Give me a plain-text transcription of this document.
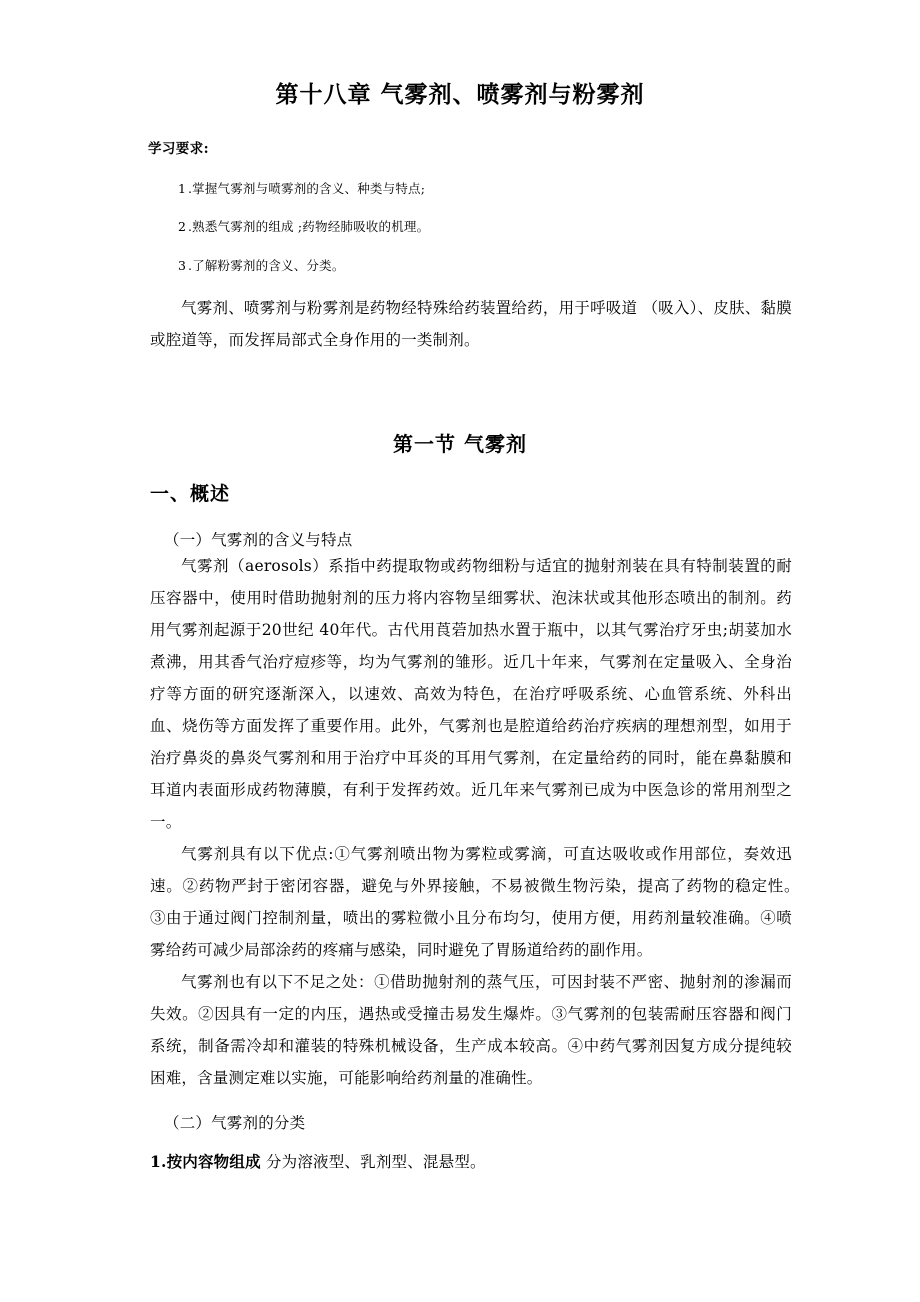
第十八章 气雾剂、喷雾剂与粉雾剂

学习要求:

1.掌握气雾剂与喷雾剂的含义、种类与特点;
2.熟悉气雾剂的组成 ;药物经肺吸收的机理。
3.了解粉雾剂的含义、分类。

气雾剂、喷雾剂与粉雾剂是药物经特殊给药装置给药，用于呼吸道 （吸入）、皮肤、黏膜或腔道等，而发挥局部式全身作用的一类制剂。

第一节 气雾剂
一、概述

（一）气雾剂的含义与特点

气雾剂（aerosols）系指中药提取物或药物细粉与适宜的抛射剂装在具有特制装置的耐压容器中，使用时借助抛射剂的压力将内容物呈细雾状、泡沫状或其他形态喷出的制剂。药用气雾剂起源于20世纪 40年代。古代用莨菪加热水置于瓶中，以其气雾治疗牙虫;胡荽加水 煮沸，用其香气治疗痘疹等，均为气雾剂的雏形。近几十年来，气雾剂在定量吸入、全身治 疗等方面的研究逐渐深入，以速效、高效为特色，在治疗呼吸系统、心血管系统、外科出血、烧伤等方面发挥了重要作用。此外，气雾剂也是腔道给药治疗疾病的理想剂型，如用于治疗鼻炎的鼻炎气雾剂和用于治疗中耳炎的耳用气雾剂，在定量给药的同时，能在鼻黏膜和耳道内表面形成药物薄膜，有利于发挥药效。近几年来气雾剂已成为中医急诊的常用剂型之一。

气雾剂具有以下优点:①气雾剂喷出物为雾粒或雾滴，可直达吸收或作用部位，奏效迅速。②药物严封于密闭容器，避免与外界接触，不易被微生物污染，提高了药物的稳定性。　③由于通过阀门控制剂量，喷出的雾粒微小且分布均匀，使用方便，用药剂量较准确。④喷雾给药可减少局部涂药的疼痛与感染，同时避免了胃肠道给药的副作用。

气雾剂也有以下不足之处：①借助抛射剂的蒸气压，可因封装不严密、抛射剂的渗漏而失效。②因具有一定的内压，遇热或受撞击易发生爆炸。③气雾剂的包装需耐压容器和阀门系统，制备需冷却和灌装的特殊机械设备，生产成本较高。④中药气雾剂因复方成分提纯较困难，含量测定难以实施，可能影响给药剂量的准确性。

（二）气雾剂的分类

1.按内容物组成 分为溶液型、乳剂型、混悬型。
